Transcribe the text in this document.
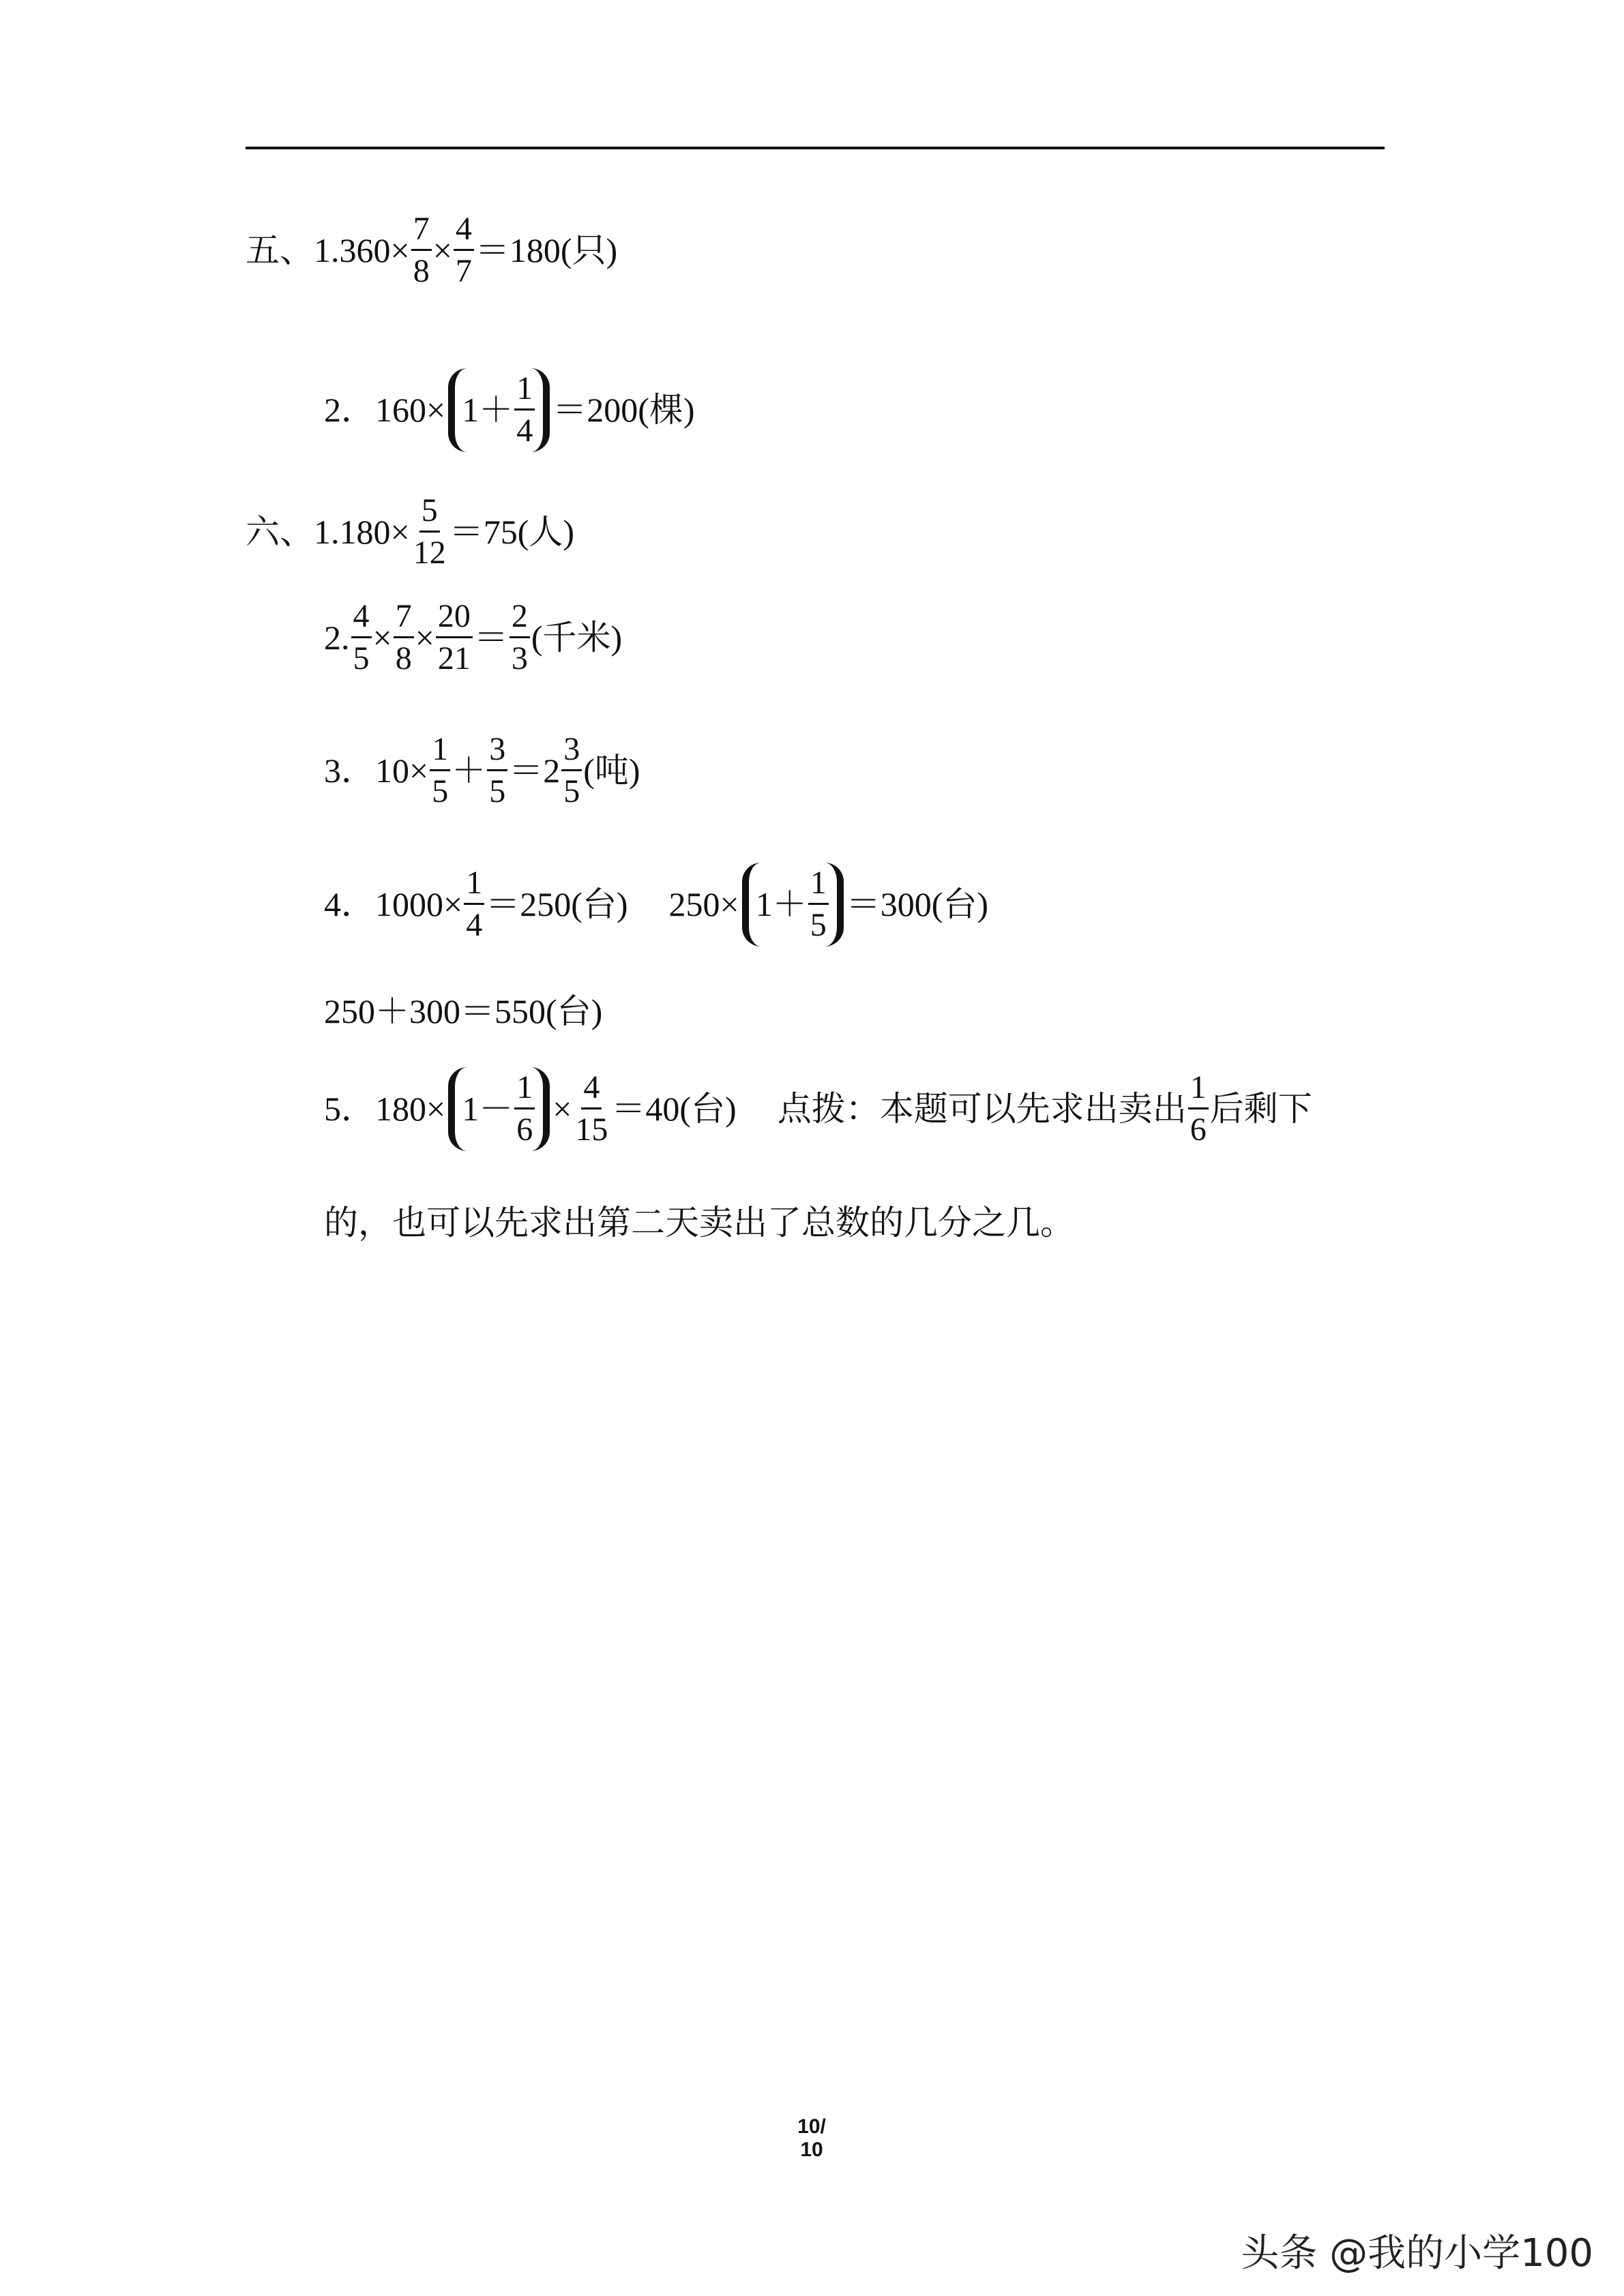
五、 $1.360\times \frac{7}{8} \times \frac{4}{7} =180$(只)
2．$160\times 1+ \frac{1}{4} =200$(棵)
六、 $1.180\times \frac{5}{12} =75$(人)
2. $\frac{4}{5} \times \frac{7}{8} \times \frac{20}{21} = \frac{2}{3}$ (千米)
3．$10\times \frac{1}{5} + \frac{3}{5} =2 \frac{3}{5}$ (吨)
4．$1000\times \frac{1}{4} =250$(台) $250\times 1+ \frac{1}{5} =300$(台)
250＋300＝550(台)
5．$180\times 1- \frac{1}{6} \times \frac{4}{15} =40$(台) 点拨：本题可以先求出卖出 $\frac{1}{6}$ 后剩下
的，也可以先求出第二天卖出了总数的几分之几。
10/ 10
头条 @我的小学100
